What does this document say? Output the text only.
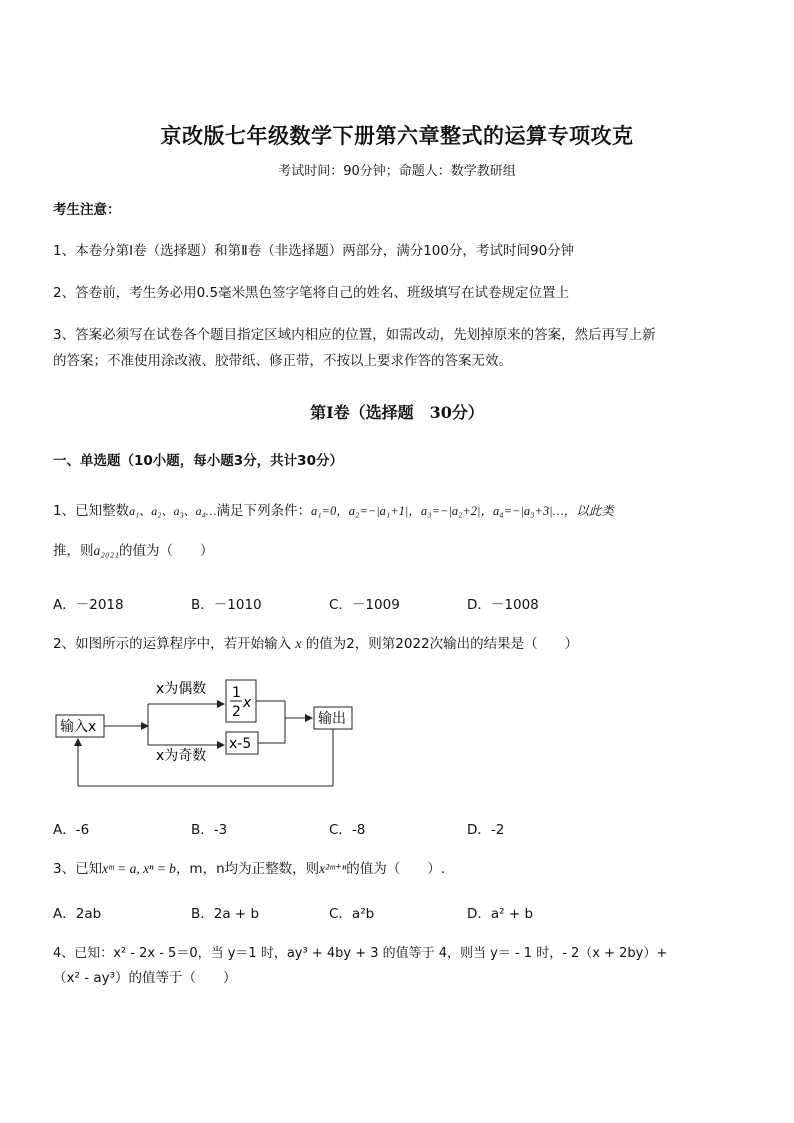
京改版七年级数学下册第六章整式的运算专项攻克
考试时间：90分钟；命题人：数学教研组
考生注意：
1、本卷分第Ⅰ卷（选择题）和第Ⅱ卷（非选择题）两部分，满分100分，考试时间90分钟
2、答卷前，考生务必用0.5毫米黑色签字笔将自己的姓名、班级填写在试卷规定位置上
3、答案必须写在试卷各个题目指定区域内相应的位置，如需改动，先划掉原来的答案，然后再写上新
的答案；不准使用涂改液、胶带纸、修正带，不按以上要求作答的答案无效。
第Ⅰ卷（选择题　30分）
一、单选题（10小题，每小题3分，共计30分）
1、已知整数a₁、a₂、a₃、a₄…满足下列条件：a₁=0，a₂=−|a₁+1|，a₃=−|a₂+2|，a₄=−|a₃+3|…，以此类
推，则a₂₀₂₁的值为（　　）
A．－2018	B．－1010	C．－1009	D．－1008
2、如图所示的运算程序中，若开始输入 x 的值为2，则第2022次输出的结果是（　　）
输入x
x为偶数
x为奇数
1
2
x
x-5
输出
A．-6	B．-3	C．-8	D．-2
3、已知xᵐ = a, xⁿ = b，m，n均为正整数，则x²ᵐ⁺ⁿ的值为（　　）.
A．2ab	B．2a + b	C．a²b	D．a² + b
4、已知：x² - 2x - 5＝0，当 y＝1 时，ay³ + 4by + 3 的值等于 4，则当 y＝ - 1 时，- 2（x + 2by）+
（x² - ay³）的值等于（　　）
